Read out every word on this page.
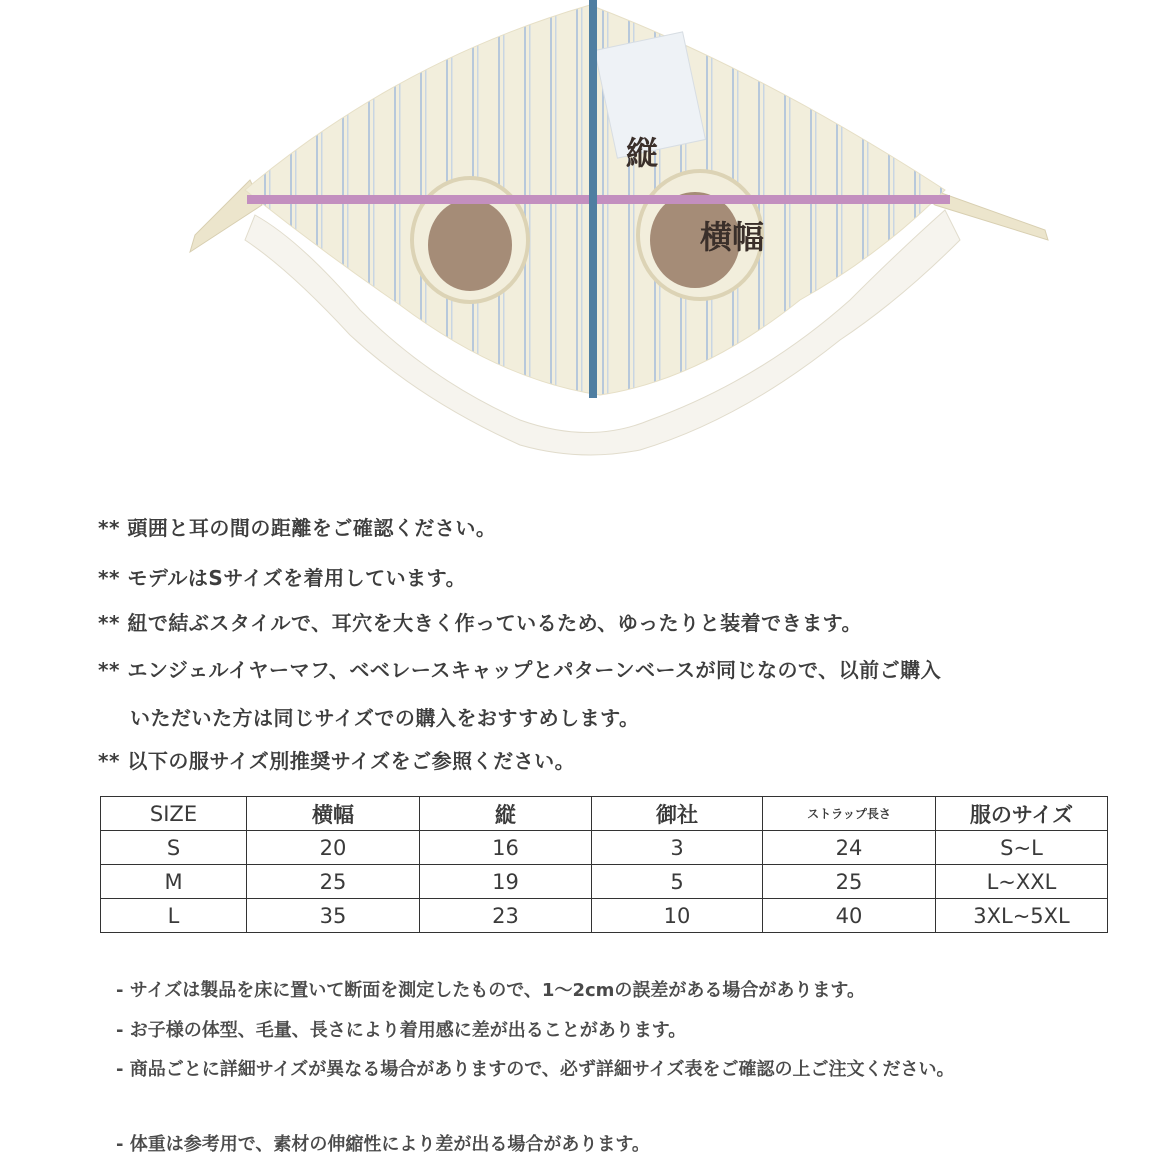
縦
横幅
** 頭囲と耳の間の距離をご確認ください。
** モデルはSサイズを着用しています。
** 紐で結ぶスタイルで、耳穴を大きく作っているため、ゆったりと装着できます。
** エンジェルイヤーマフ、ベベレースキャップとパターンベースが同じなので、以前ご購入
いただいた方は同じサイズでの購入をおすすめします。
** 以下の服サイズ別推奨サイズをご参照ください。
SIZE	横幅	縦	御社	ストラップ長さ	服のサイズ
S	20	16	3	24	S~L
M	25	19	5	25	L~XXL
L	35	23	10	40	3XL~5XL
- サイズは製品を床に置いて断面を測定したもので、1～2cmの誤差がある場合があります。
- お子様の体型、毛量、長さにより着用感に差が出ることがあります。
- 商品ごとに詳細サイズが異なる場合がありますので、必ず詳細サイズ表をご確認の上ご注文ください。
- 体重は参考用で、素材の伸縮性により差が出る場合があります。
